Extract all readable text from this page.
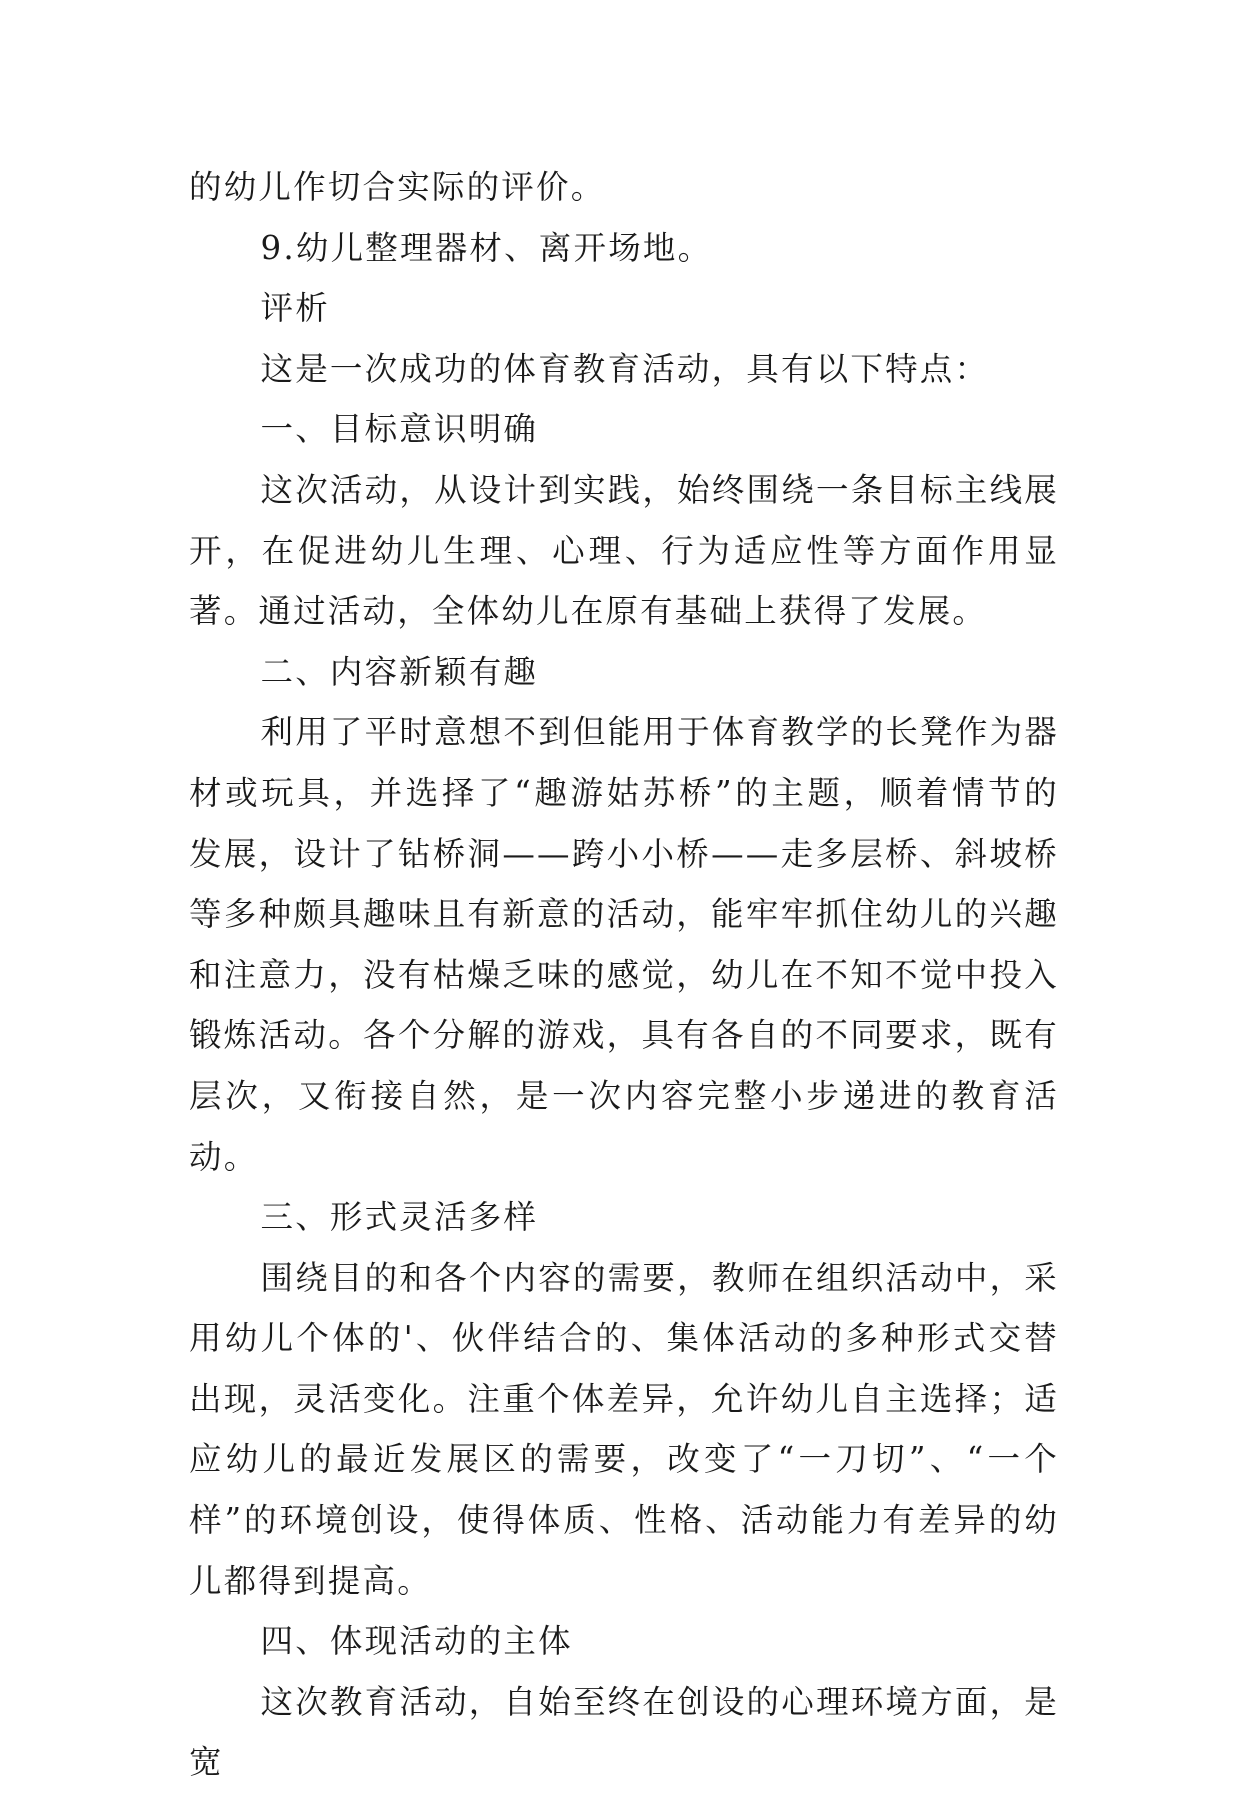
的幼儿作切合实际的评价。

9.幼儿整理器材、离开场地。

评析

这是一次成功的体育教育活动，具有以下特点：

一、目标意识明确

这次活动，从设计到实践，始终围绕一条目标主线展开，在促进幼儿生理、心理、行为适应性等方面作用显著。通过活动，全体幼儿在原有基础上获得了发展。

二、内容新颖有趣

利用了平时意想不到但能用于体育教学的长凳作为器材或玩具，并选择了“趣游姑苏桥”的主题，顺着情节的发展，设计了钻桥洞——跨小小桥——走多层桥、斜坡桥等多种颇具趣味且有新意的活动，能牢牢抓住幼儿的兴趣和注意力，没有枯燥乏味的感觉，幼儿在不知不觉中投入锻炼活动。各个分解的游戏，具有各自的不同要求，既有层次，又衔接自然，是一次内容完整小步递进的教育活动。

三、形式灵活多样

围绕目的和各个内容的需要，教师在组织活动中，采用幼儿个体的'、伙伴结合的、集体活动的多种形式交替出现，灵活变化。注重个体差异，允许幼儿自主选择；适应幼儿的最近发展区的需要，改变了“一刀切”、“一个样”的环境创设，使得体质、性格、活动能力有差异的幼儿都得到提高。

四、体现活动的主体

这次教育活动，自始至终在创设的心理环境方面，是宽
